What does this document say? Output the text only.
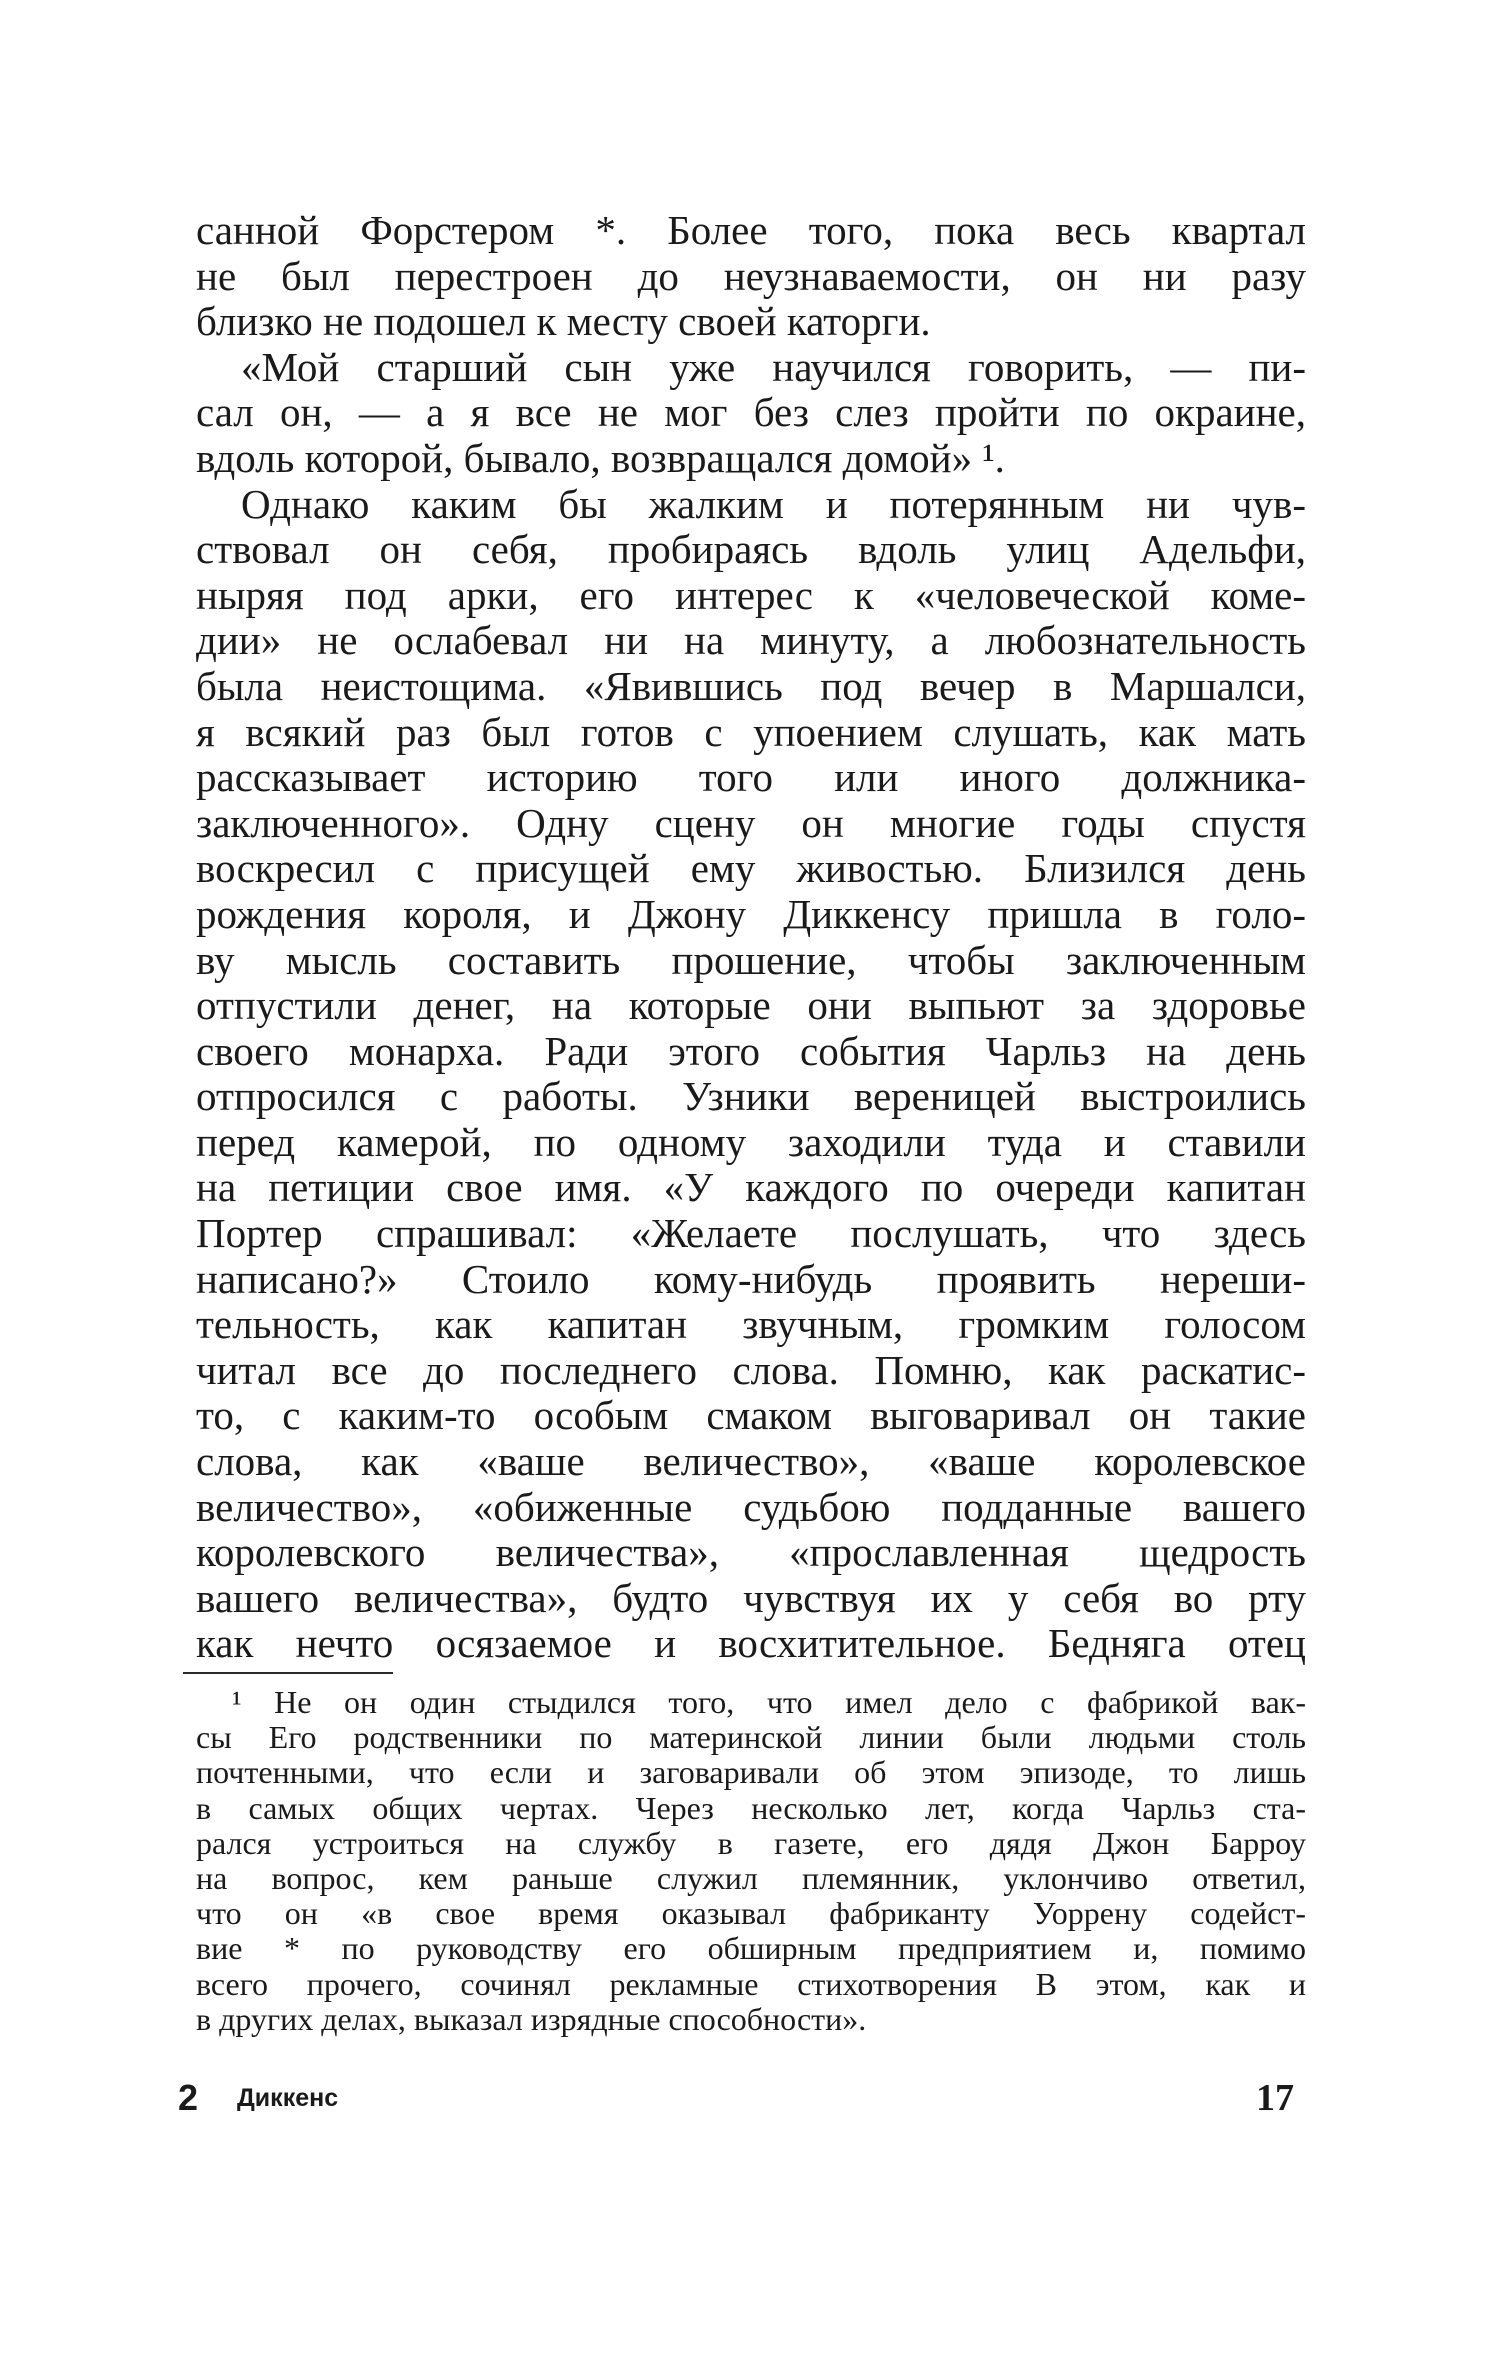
санной Форстером *. Более того, пока весь квартал
не был перестроен до неузнаваемости, он ни разу
близко не подошел к месту своей каторги.
«Мой старший сын уже научился говорить, — пи-
сал он, — а я все не мог без слез пройти по окраине,
вдоль которой, бывало, возвращался домой» ¹.
Однако каким бы жалким и потерянным ни чув-
ствовал он себя, пробираясь вдоль улиц Адельфи,
ныряя под арки, его интерес к «человеческой коме-
дии» не ослабевал ни на минуту, а любознательность
была неистощима. «Явившись под вечер в Маршалси,
я всякий раз был готов с упоением слушать, как мать
рассказывает историю того или иного должника-
заключенного». Одну сцену он многие годы спустя
воскресил с присущей ему живостью. Близился день
рождения короля, и Джону Диккенсу пришла в голо-
ву мысль составить прошение, чтобы заключенным
отпустили денег, на которые они выпьют за здоровье
своего монарха. Ради этого события Чарльз на день
отпросился с работы. Узники вереницей выстроились
перед камерой, по одному заходили туда и ставили
на петиции свое имя. «У каждого по очереди капитан
Портер спрашивал: «Желаете послушать, что здесь
написано?» Стоило кому-нибудь проявить нереши-
тельность, как капитан звучным, громким голосом
читал все до последнего слова. Помню, как раскатис-
то, с каким-то особым смаком выговаривал он такие
слова, как «ваше величество», «ваше королевское
величество», «обиженные судьбою подданные вашего
королевского величества», «прославленная щедрость
вашего величества», будто чувствуя их у себя во рту
как нечто осязаемое и восхитительное. Бедняга отец
¹ Не он один стыдился того, что имел дело с фабрикой вак-
сы Его родственники по материнской линии были людьми столь
почтенными, что если и заговаривали об этом эпизоде, то лишь
в самых общих чертах. Через несколько лет, когда Чарльз ста-
рался устроиться на службу в газете, его дядя Джон Барроу
на вопрос, кем раньше служил племянник, уклончиво ответил,
что он «в свое время оказывал фабриканту Уоррену содейст-
вие * по руководству его обширным предприятием и, помимо
всего прочего, сочинял рекламные стихотворения В этом, как и
в других делах, выказал изрядные способности».
2 Диккенс	17
